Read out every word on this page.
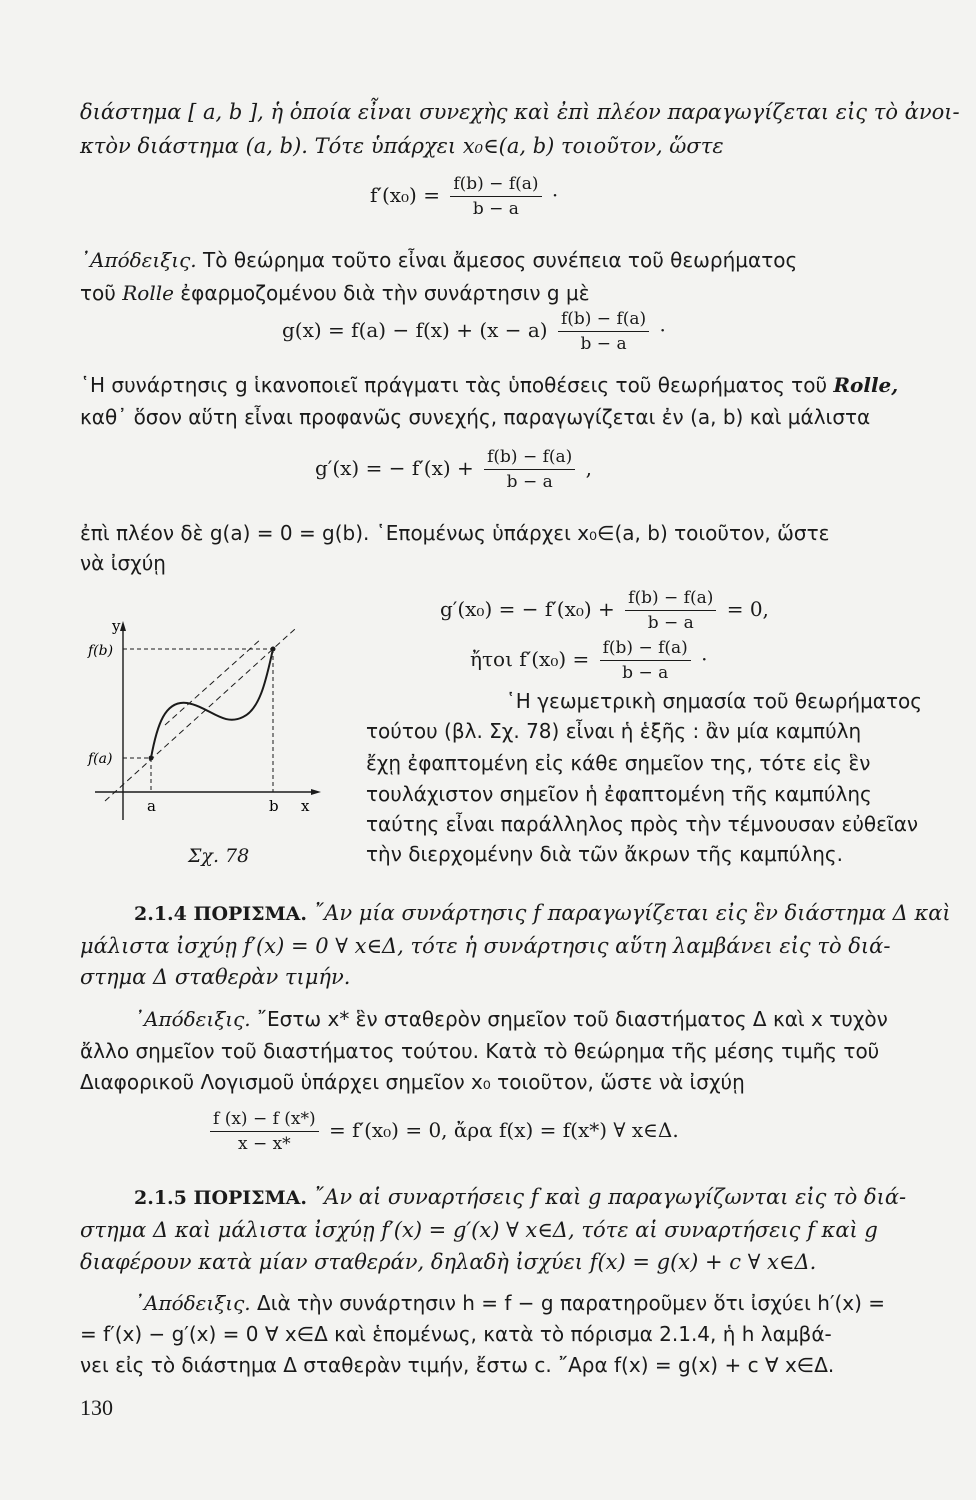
διάστημα [ a, b ], ἡ ὁποία εἶναι συνεχὴς καὶ ἐπὶ πλέον παραγωγίζεται εἰς τὸ ἀνοι-
κτὸν διάστημα (a, b). Τότε ὑπάρχει x₀∈(a, b) τοιοῦτον, ὥστε
$f'(x_0) = \frac{f(b) - f(a)}{b - a}$ ·
᾿Απόδειξις. Τὸ θεώρημα τοῦτο εἶναι ἄμεσος συνέπεια τοῦ θεωρήματος
τοῦ Rolle ἐφαρμοζομένου διὰ τὴν συνάρτησιν g μὲ
$g(x) = f(a) - f(x) + (x - a) \frac{f(b) - f(a)}{b - a}$ ·
῾Η συνάρτησις g ἱκανοποιεῖ πράγματι τὰς ὑποθέσεις τοῦ θεωρήματος τοῦ Rolle,
καθ᾿ ὅσον αὕτη εἶναι προφανῶς συνεχής, παραγωγίζεται ἐν (a, b) καὶ μάλιστα
g′(x) = − $f'(x) + \frac{f(b) - f(a)}{b - a}$ ,
ἐπὶ πλέον δὲ g(a) = 0 = g(b). ῾Επομένως ὑπάρχει x₀∈(a, b) τοιοῦτον, ὥστε
νὰ ἰσχύῃ
g′(x₀) = − $f'(x_0) + \frac{f(b) - f(a)}{b - a} = 0$,
ἤτοι $f'(x_0) = \frac{f(b) - f(a)}{b - a}$ ·
῾Η γεωμετρικὴ σημασία τοῦ θεωρήματος
τούτου (βλ. Σχ. 78) εἶναι ἡ ἑξῆς : ἂν μία καμπύλη
ἔχῃ ἐφαπτομένη εἰς κάθε σημεῖον της, τότε εἰς ἓν
τουλάχιστον σημεῖον ἡ ἐφαπτομένη τῆς καμπύλης
ταύτης εἶναι παράλληλος πρὸς τὴν τέμνουσαν εὐθεῖαν
τὴν διερχομένην διὰ τῶν ἄκρων τῆς καμπύλης.
y
f(b)
f(a)
a	b x
Σχ. 78
2.1.4 ΠΟΡΙΣΜΑ. ῎Αν μία συνάρτησις f παραγωγίζεται εἰς ἓν διάστημα Δ καὶ
μάλιστα ἰσχύῃ f′(x) = 0 ∀ x∈Δ, τότε ἡ συνάρτησις αὕτη λαμβάνει εἰς τὸ διά-
στημα Δ σταθερὰν τιμήν.
᾿Απόδειξις. ῎Εστω x* ἓν σταθερὸν σημεῖον τοῦ διαστήματος Δ καὶ x τυχὸν
ἄλλο σημεῖον τοῦ διαστήματος τούτου. Κατὰ τὸ θεώρημα τῆς μέσης τιμῆς τοῦ
Διαφορικοῦ Λογισμοῦ ὑπάρχει σημεῖον x₀ τοιοῦτον, ὥστε νὰ ἰσχύῃ
$\frac{f (x) - f (x*)}{x - x*} = f'(x_0) = 0$, ἄρα f(x) = f(x*) ∀ x∈Δ.
2.1.5 ΠΟΡΙΣΜΑ. ῎Αν αἱ συναρτήσεις f καὶ g παραγωγίζωνται εἰς τὸ διά-
στημα Δ καὶ μάλιστα ἰσχύῃ f′(x) = g′(x) ∀ x∈Δ, τότε αἱ συναρτήσεις f καὶ g
διαφέρουν κατὰ μίαν σταθεράν, δηλαδὴ ἰσχύει f(x) = g(x) + c ∀ x∈Δ.
᾿Απόδειξις. Διὰ τὴν συνάρτησιν h = f − g παρατηροῦμεν ὅτι ἰσχύει h′(x) =
= f′(x) − g′(x) = 0 ∀ x∈Δ καὶ ἑπομένως, κατὰ τὸ πόρισμα 2.1.4, ἡ h λαμβά-
νει εἰς τὸ διάστημα Δ σταθερὰν τιμήν, ἔστω c. ῎Αρα f(x) = g(x) + c ∀ x∈Δ.
130
